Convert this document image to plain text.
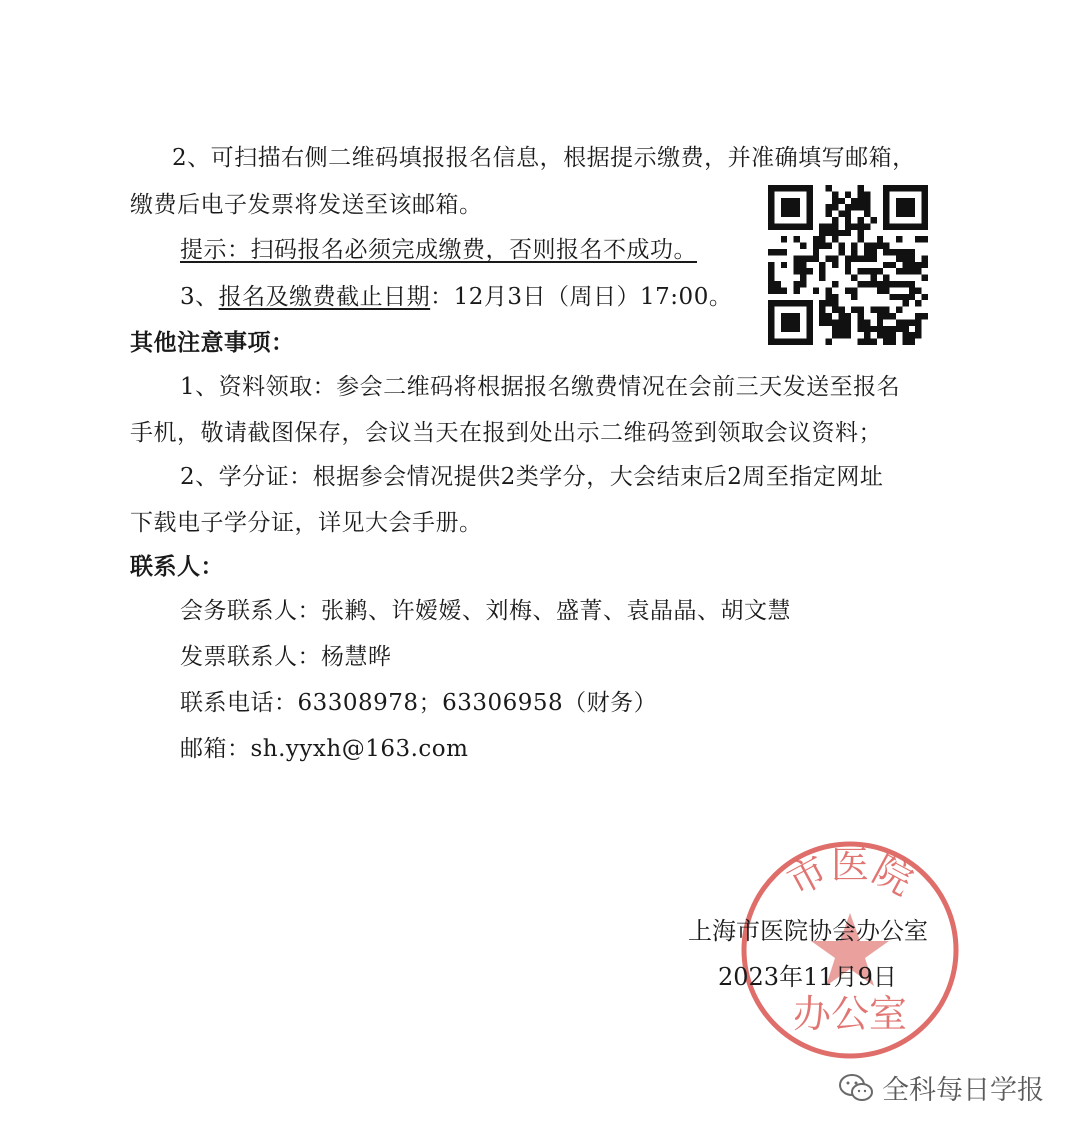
2、可扫描右侧二维码填报报名信息，根据提示缴费，并准确填写邮箱，
缴费后电子发票将发送至该邮箱。
提示：扫码报名必须完成缴费，否则报名不成功。
3、报名及缴费截止日期：12月3日（周日）17:00。
其他注意事项：
1、资料领取：参会二维码将根据报名缴费情况在会前三天发送至报名
手机，敬请截图保存，会议当天在报到处出示二维码签到领取会议资料；
2、学分证：根据参会情况提供2类学分，大会结束后2周至指定网址
下载电子学分证，详见大会手册。
联系人：
会务联系人：张鹣、许嫒嫒、刘梅、盛菁、袁晶晶、胡文慧
发票联系人：杨慧晔
联系电话：63308978；63306958（财务）
邮箱：sh.yyxh@163.com
市医院
办公室
上海市医院协会办公室
2023年11月9日
全科每日学报
